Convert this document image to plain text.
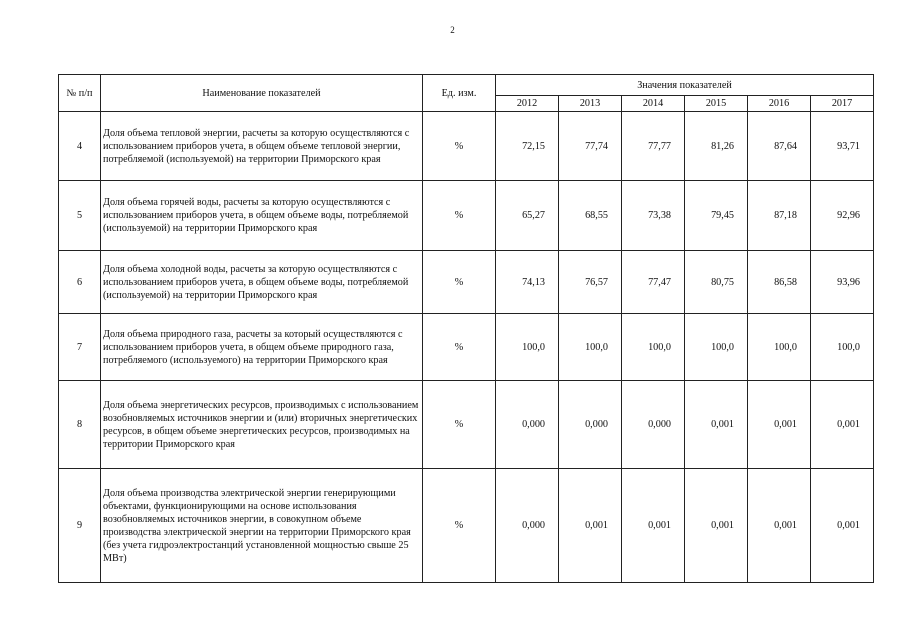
2
№ п/п	Наименование показателей	Ед. изм.	Значения показателей					
			2012	2013	2014	2015	2016	2017
4	Доля объема тепловой энергии, расчеты за которую осуществляются с использованием приборов учета, в общем объеме тепловой энергии, потребляемой (используемой) на территории Приморского края	%	72,15	77,74	77,77	81,26	87,64	93,71
5	Доля объема горячей воды, расчеты за которую осуществляются с использованием приборов учета, в общем объеме воды, потребляемой (используемой) на территории Приморского края	%	65,27	68,55	73,38	79,45	87,18	92,96
6	Доля объема холодной воды, расчеты за которую осуществляются с использованием приборов учета, в общем объеме воды, потребляемой (используемой) на территории Приморского края	%	74,13	76,57	77,47	80,75	86,58	93,96
7	Доля объема природного газа, расчеты за который осуществляются с использованием приборов учета, в общем объеме природного газа, потребляемого (используемого) на территории Приморского края	%	100,0	100,0	100,0	100,0	100,0	100,0
8	Доля объема энергетических ресурсов, производимых с использованием возобновляемых источников энергии и (или) вторичных энергетических ресурсов, в общем объеме энергетических ресурсов, производимых на территории Приморского края	%	0,000	0,000	0,000	0,001	0,001	0,001
9	Доля объема производства электрической энергии генерирующими объектами, функционирующими на основе использования возобновляемых источников энергии, в совокупном объеме производства электрической энергии на территории Приморского края (без учета гидроэлектростанций установленной мощностью свыше 25 МВт)	%	0,000	0,001	0,001	0,001	0,001	0,001
